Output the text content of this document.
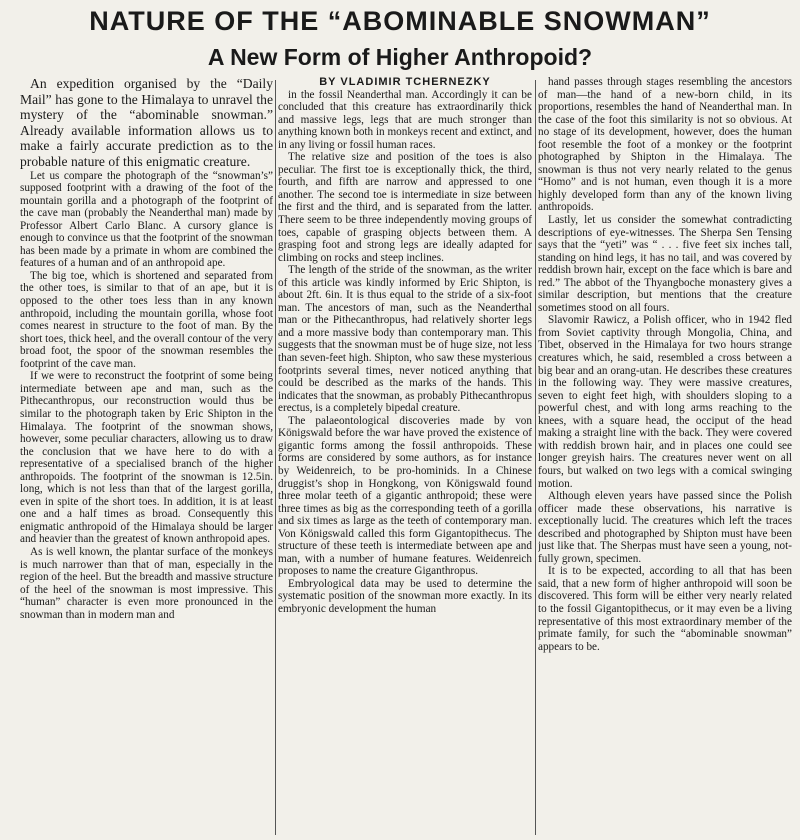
NATURE OF THE “ABOMINABLE SNOWMAN”
A New Form of Higher Anthropoid?

An expedition organised by the “Daily Mail” has gone to the Himalaya to unravel the mystery of the “abominable snowman.” Already available information allows us to make a fairly accurate prediction as to the probable nature of this enigmatic creature.

Let us compare the photograph of the “snowman’s” supposed footprint with a drawing of the foot of the mountain gorilla and a photograph of the footprint of the cave man (probably the Neanderthal man) made by Professor Albert Carlo Blanc. A cursory glance is enough to convince us that the footprint of the snowman has been made by a primate in whom are combined the features of a human and of an anthropoid ape.

The big toe, which is shortened and separated from the other toes, is similar to that of an ape, but it is opposed to the other toes less than in any known anthropoid, including the mountain gorilla, whose foot comes nearest in structure to the foot of man. By the short toes, thick heel, and the overall contour of the very broad foot, the spoor of the snowman resembles the footprint of the cave man.

If we were to reconstruct the footprint of some being intermediate between ape and man, such as the Pithecanthropus, our reconstruction would thus be similar to the photograph taken by Eric Shipton in the Himalaya. The footprint of the snowman shows, however, some peculiar characters, allowing us to draw the conclusion that we have here to do with a representative of a specialised branch of the higher anthropoids. The footprint of the snowman is 12.5in. long, which is not less than that of the largest gorilla, even in spite of the short toes. In addition, it is at least one and a half times as broad. Consequently this enigmatic anthropoid of the Himalaya should be larger and heavier than the greatest of known anthropoid apes.

As is well known, the plantar surface of the monkeys is much narrower than that of man, especially in the region of the heel. But the breadth and massive structure of the heel of the snowman is most impressive. This “human” character is even more pronounced in the snowman than in modern man and

BY VLADIMIR TCHERNEZKY

in the fossil Neanderthal man. Accordingly it can be concluded that this creature has extraordinarily thick and massive legs, legs that are much stronger than anything known both in monkeys recent and extinct, and in any living or fossil human races.

The relative size and position of the toes is also peculiar. The first toe is exceptionally thick, the third, fourth, and fifth are narrow and appressed to one another. The second toe is intermediate in size between the first and the third, and is separated from the latter. There seem to be three independently moving groups of toes, capable of grasping objects between them. A grasping foot and strong legs are ideally adapted for climbing on rocks and steep inclines.

The length of the stride of the snowman, as the writer of this article was kindly informed by Eric Shipton, is about 2ft. 6in. It is thus equal to the stride of a six-foot man. The ancestors of man, such as the Neanderthal man or the Pithecanthropus, had relatively shorter legs and a more massive body than contemporary man. This suggests that the snowman must be of huge size, not less than seven-feet high. Shipton, who saw these mysterious footprints several times, never noticed anything that could be described as the marks of the hands. This indicates that the snowman, as probably Pithecanthropus erectus, is a completely bipedal creature.

The palaeontological discoveries made by von Königswald before the war have proved the existence of gigantic forms among the fossil anthropoids. These forms are considered by some authors, as for instance by Weidenreich, to be pro-hominids. In a Chinese druggist’s shop in Hongkong, von Königswald found three molar teeth of a gigantic anthropoid; these were three times as big as the corresponding teeth of a gorilla and six times as large as the teeth of contemporary man. Von Königswald called this form Gigantopithecus. The structure of these teeth is intermediate between ape and man, with a number of humane features. Weidenreich proposes to name the creature Giganthropus.

Embryological data may be used to determine the systematic position of the snowman more exactly. In its embryonic development the human

hand passes through stages resembling the ancestors of man—the hand of a new-born child, in its proportions, resembles the hand of Neanderthal man. In the case of the foot this similarity is not so obvious. At no stage of its development, however, does the human foot resemble the foot of a monkey or the footprint photographed by Shipton in the Himalaya. The snowman is thus not very nearly related to the genus “Homo” and is not human, even though it is a more highly developed form than any of the known living anthropoids.

Lastly, let us consider the somewhat contradicting descriptions of eye-witnesses. The Sherpa Sen Tensing says that the “yeti” was “ . . . five feet six inches tall, standing on hind legs, it has no tail, and was covered by reddish brown hair, except on the face which is bare and red.” The abbot of the Thyangboche monastery gives a similar description, but mentions that the creature sometimes stood on all fours.

Slavomir Rawicz, a Polish officer, who in 1942 fled from Soviet captivity through Mongolia, China, and Tibet, observed in the Himalaya for two hours strange creatures which, he said, resembled a cross between a big bear and an orang-utan. He describes these creatures in the following way. They were massive creatures, seven to eight feet high, with shoulders sloping to a powerful chest, and with long arms reaching to the knees, with a square head, the occiput of the head making a straight line with the back. They were covered with reddish brown hair, and in places one could see longer greyish hairs. The creatures never went on all fours, but walked on two legs with a comical swinging motion.

Although eleven years have passed since the Polish officer made these observations, his narrative is exceptionally lucid. The creatures which left the traces described and photographed by Shipton must have been just like that. The Sherpas must have seen a young, not-fully grown, specimen.

It is to be expected, according to all that has been said, that a new form of higher anthropoid will soon be discovered. This form will be either very nearly related to the fossil Gigantopithecus, or it may even be a living representative of this most extraordinary member of the primate family, for such the “abominable snowman” appears to be.
